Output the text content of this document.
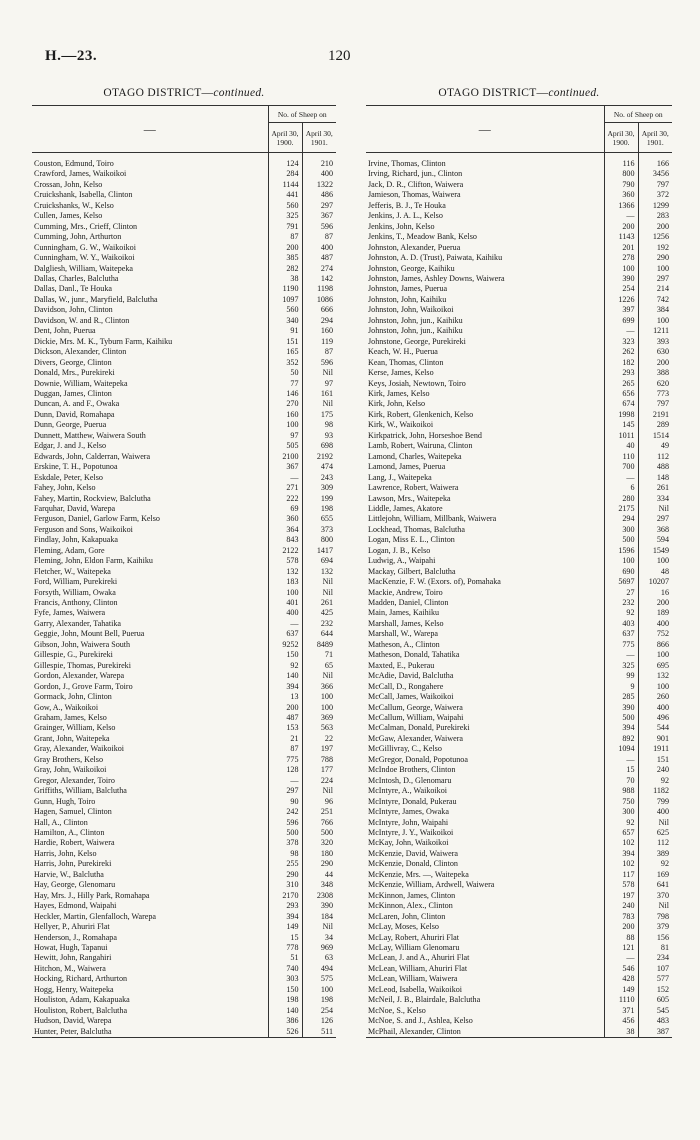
H.—23.	120
OTAGO DISTRICT—continued.
—	No. of Sheep on	
	April 30, 1900.	April 30, 1901.
Couston, Edmund, Toiro	124	210
Crawford, James, Waikoikoi	284	400
Crossan, John, Kelso	1144	1322
Cruickshank, Isabella, Clinton	441	486
Cruickshanks, W., Kelso	560	297
Cullen, James, Kelso	325	367
Cumming, Mrs., Crieff, Clinton	791	596
Cumming, John, Arthurton	87	87
Cunningham, G. W., Waikoikoi	200	400
Cunningham, W. Y., Waikoikoi	385	487
Dalgliesh, William, Waitepeka	282	274
Dallas, Charles, Balclutha	38	142
Dallas, Danl., Te Houka	1190	1198
Dallas, W., junr., Maryfield, Balclutha	1097	1086
Davidson, John, Clinton	560	666
Davidson, W. and R., Clinton	340	294
Dent, John, Puerua	91	160
Dickie, Mrs. M. K., Tyburn Farm, Kaihiku	151	119
Dickson, Alexander, Clinton	165	87
Divers, George, Clinton	352	596
Donald, Mrs., Purekireki	50	Nil
Downie, William, Waitepeka	77	97
Duggan, James, Clinton	146	161
Duncan, A. and F., Owaka	270	Nil
Dunn, David, Romahapa	160	175
Dunn, George, Puerua	100	98
Dunnett, Matthew, Waiwera South	97	93
Edgar, J. and J., Kelso	505	698
Edwards, John, Calderran, Waiwera	2100	2192
Erskine, T. H., Popotunoa	367	474
Eskdale, Peter, Kelso	—	243
Fahey, John, Kelso	271	309
Fahey, Martin, Rockview, Balclutha	222	199
Farquhar, David, Warepa	69	198
Ferguson, Daniel, Garlow Farm, Kelso	360	655
Ferguson and Sons, Waikoikoi	364	373
Findlay, John, Kakapuaka	843	800
Fleming, Adam, Gore	2122	1417
Fleming, John, Eldon Farm, Kaihiku	578	694
Fletcher, W., Waitepeka	132	132
Ford, William, Purekireki	183	Nil
Forsyth, William, Owaka	100	Nil
Francis, Anthony, Clinton	401	261
Fyfe, James, Waiwera	400	425
Garry, Alexander, Tahatika	—	232
Geggie, John, Mount Bell, Puerua	637	644
Gibson, John, Waiwera South	9252	8489
Gillespie, G., Purekireki	150	71
Gillespie, Thomas, Purekireki	92	65
Gordon, Alexander, Warepa	140	Nil
Gordon, J., Grove Farm, Toiro	394	366
Gormack, John, Clinton	13	100
Gow, A., Waikoikoi	200	100
Graham, James, Kelso	487	369
Grainger, William, Kelso	153	563
Grant, John, Waitepeka	21	22
Gray, Alexander, Waikoikoi	87	197
Gray Brothers, Kelso	775	788
Gray, John, Waikoikoi	128	177
Gregor, Alexander, Toiro	—	224
Griffiths, William, Balclutha	297	Nil
Gunn, Hugh, Toiro	90	96
Hagen, Samuel, Clinton	242	251
Hall, A., Clinton	596	766
Hamilton, A., Clinton	500	500
Hardie, Robert, Waiwera	378	320
Harris, John, Kelso	98	180
Harris, John, Purekireki	255	290
Harvie, W., Balclutha	290	44
Hay, George, Glenomaru	310	348
Hay, Mrs. J., Hilly Park, Romahapa	2170	2308
Hayes, Edmond, Waipahi	293	390
Heckler, Martin, Glenfalloch, Warepa	394	184
Hellyer, P., Ahuriri Flat	149	Nil
Henderson, J., Romahapa	15	34
Howat, Hugh, Tapanui	778	969
Hewitt, John, Rangahiri	51	63
Hitchon, M., Waiwera	740	494
Hocking, Richard, Arthurton	303	575
Hogg, Henry, Waitepeka	150	100
Houliston, Adam, Kakapuaka	198	198
Houliston, Robert, Balclutha	140	254
Hudson, David, Warepa	386	126
Hunter, Peter, Balclutha	526	511
OTAGO DISTRICT—continued.
—	No. of Sheep on	
	April 30, 1900.	April 30, 1901.
Irvine, Thomas, Clinton	116	166
Irving, Richard, jun., Clinton	800	3456
Jack, D. R., Clifton, Waiwera	790	797
Jamieson, Thomas, Waiwera	360	372
Jefferis, B. J., Te Houka	1366	1299
Jenkins, J. A. L., Kelso	—	283
Jenkins, John, Kelso	200	200
Jenkins, T., Meadow Bank, Kelso	1143	1256
Johnston, Alexander, Puerua	201	192
Johnston, A. D. (Trust), Paiwata, Kaihiku	278	290
Johnston, George, Kaihiku	100	100
Johnston, James, Ashley Downs, Waiwera	390	297
Johnston, James, Puerua	254	214
Johnston, John, Kaihiku	1226	742
Johnston, John, Waikoikoi	397	384
Johnston, John, jun., Kaihiku	699	100
Johnston, John, jun., Kaihiku	—	1211
Johnstone, George, Purekireki	323	393
Keach, W. H., Puerua	262	630
Kean, Thomas, Clinton	182	200
Kerse, James, Kelso	293	388
Keys, Josiah, Newtown, Toiro	265	620
Kirk, James, Kelso	656	773
Kirk, John, Kelso	674	797
Kirk, Robert, Glenkenich, Kelso	1998	2191
Kirk, W., Waikoikoi	145	289
Kirkpatrick, John, Horseshoe Bend	1011	1514
Lamb, Robert, Wairuna, Clinton	40	49
Lamond, Charles, Waitepeka	110	112
Lamond, James, Puerua	700	488
Lang, J., Waitepeka	—	148
Lawrence, Robert, Waiwera	6	261
Lawson, Mrs., Waitepeka	280	334
Liddle, James, Akatore	2175	Nil
Littlejohn, William, Millbank, Waiwera	294	297
Lockhead, Thomas, Balclutha	300	368
Logan, Miss E. L., Clinton	500	594
Logan, J. B., Kelso	1596	1549
Ludwig, A., Waipahi	100	100
Mackay, Gilbert, Balclutha	690	48
MacKenzie, F. W. (Exors. of), Pomahaka	5697	10207
Mackie, Andrew, Toiro	27	16
Madden, Daniel, Clinton	232	200
Main, James, Kaihiku	92	189
Marshall, James, Kelso	403	400
Marshall, W., Warepa	637	752
Matheson, A., Clinton	775	866
Matheson, Donald, Tahatika	—	100
Maxted, E., Pukerau	325	695
McAdie, David, Balclutha	99	132
McCall, D., Rongahere	9	100
McCall, James, Waikoikoi	285	260
McCallum, George, Waiwera	390	400
McCallum, William, Waipahi	500	496
McCalman, Donald, Purekireki	394	544
McGaw, Alexander, Waiwera	892	901
McGillivray, C., Kelso	1094	1911
McGregor, Donald, Popotunoa	—	151
McIndoe Brothers, Clinton	15	240
McIntosh, D., Glenomaru	70	92
McIntyre, A., Waikoikoi	988	1182
McIntyre, Donald, Pukerau	750	799
McIntyre, James, Owaka	300	400
McIntyre, John, Waipahi	92	Nil
McIntyre, J. Y., Waikoikoi	657	625
McKay, John, Waikoikoi	102	112
McKenzie, David, Waiwera	394	389
McKenzie, Donald, Clinton	102	92
McKenzie, Mrs. —, Waitepeka	117	169
McKenzie, William, Ardwell, Waiwera	578	641
McKinnon, James, Clinton	197	370
McKinnon, Alex., Clinton	240	Nil
McLaren, John, Clinton	783	798
McLay, Moses, Kelso	200	379
McLay, Robert, Ahuriri Flat	88	156
McLay, William Glenomaru	121	81
McLean, J. and A., Ahuriri Flat	—	234
McLean, William, Ahuriri Flat	546	107
McLean, William, Waiwera	428	577
McLeod, Isabella, Waikoikoi	149	152
McNeil, J. B., Blairdale, Balclutha	1110	605
McNoe, S., Kelso	371	545
McNoe, S. and J., Ashlea, Kelso	456	483
McPhail, Alexander, Clinton	38	387
